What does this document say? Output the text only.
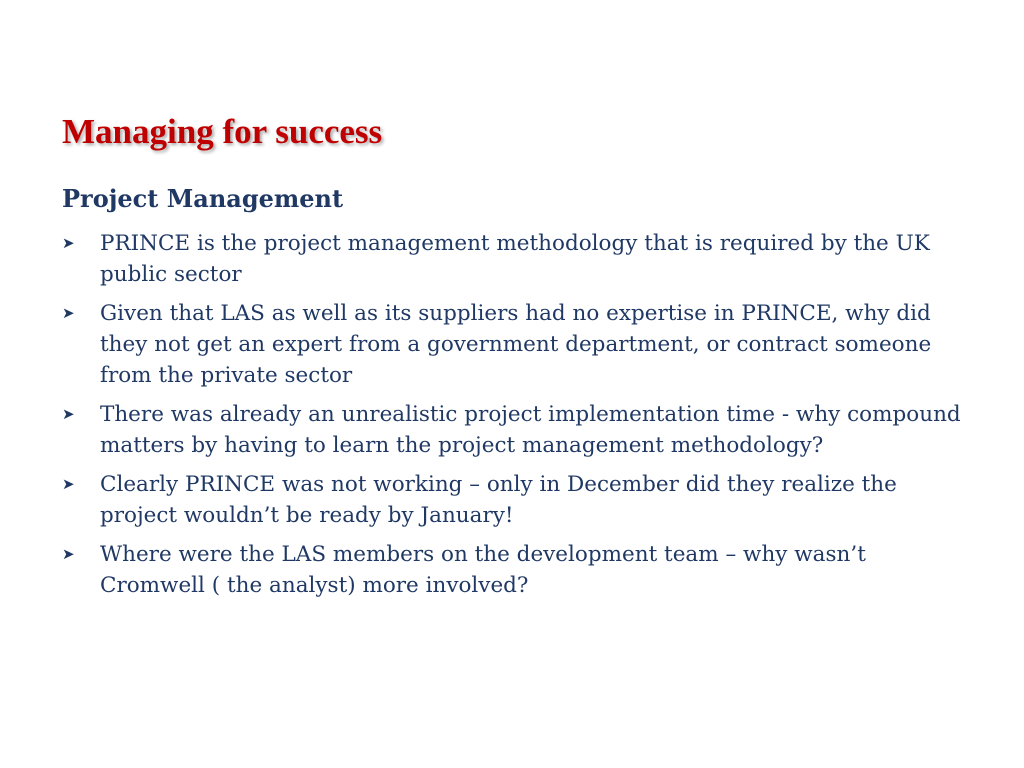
Managing for success
Project Management
➤ PRINCE is the project management methodology that is required by the UK public sector
➤ Given that LAS as well as its suppliers had no expertise in PRINCE, why did they not get an expert from a government department, or contract someone from the private sector
➤ There was already an unrealistic project implementation time - why compound matters by having to learn the project management methodology?
➤ Clearly PRINCE was not working – only in December did they realize the project wouldn’t be ready by January!
➤ Where were the LAS members on the development team – why wasn’t Cromwell ( the analyst) more involved?
